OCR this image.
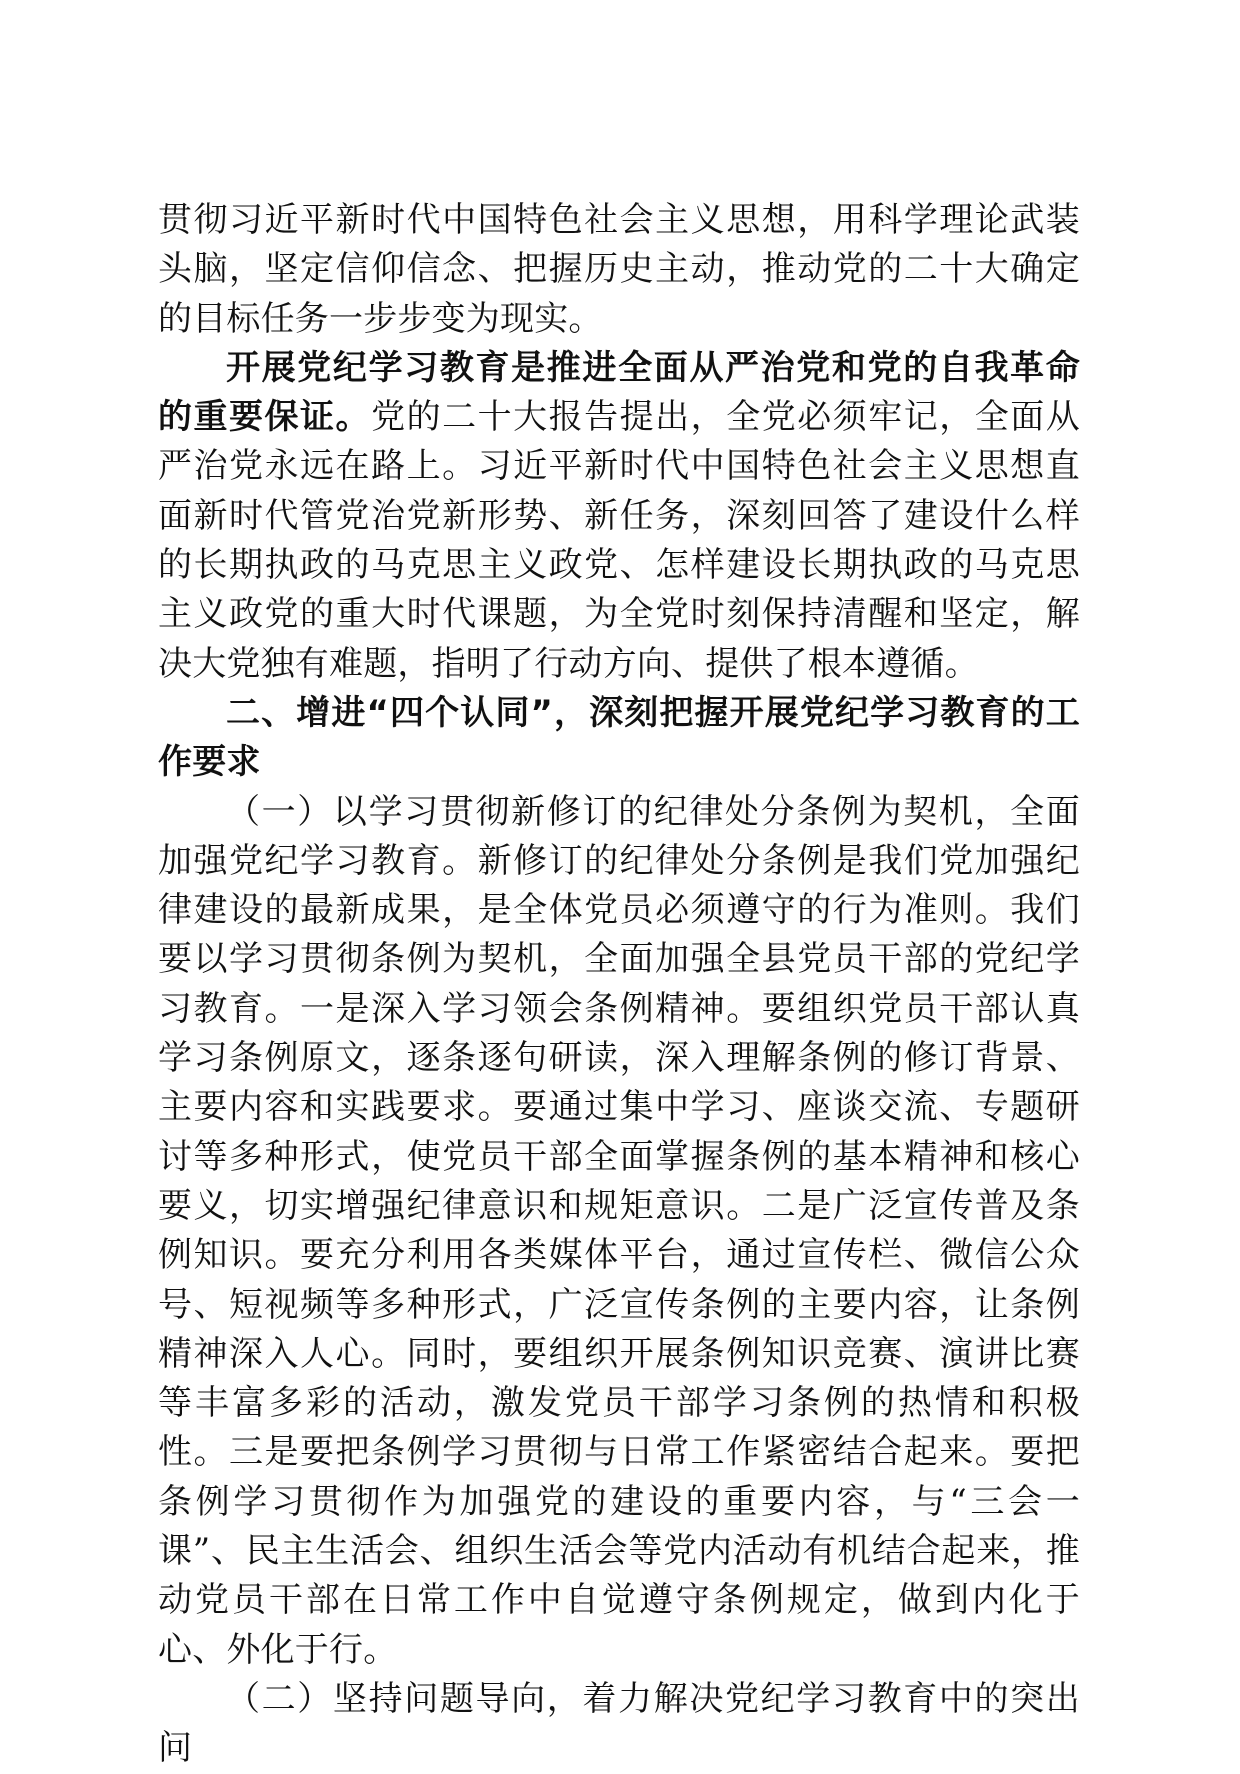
贯彻习近平新时代中国特色社会主义思想，用科学理论武装头脑，坚定信仰信念、把握历史主动，推动党的二十大确定的目标任务一步步变为现实。

开展党纪学习教育是推进全面从严治党和党的自我革命的重要保证。党的二十大报告提出，全党必须牢记，全面从严治党永远在路上。习近平新时代中国特色社会主义思想直面新时代管党治党新形势、新任务，深刻回答了建设什么样的长期执政的马克思主义政党、怎样建设长期执政的马克思主义政党的重大时代课题，为全党时刻保持清醒和坚定，解决大党独有难题，指明了行动方向、提供了根本遵循。

二、增进“四个认同”，深刻把握开展党纪学习教育的工作要求

（一）以学习贯彻新修订的纪律处分条例为契机，全面加强党纪学习教育。新修订的纪律处分条例是我们党加强纪律建设的最新成果，是全体党员必须遵守的行为准则。我们要以学习贯彻条例为契机，全面加强全县党员干部的党纪学习教育。一是深入学习领会条例精神。要组织党员干部认真学习条例原文，逐条逐句研读，深入理解条例的修订背景、主要内容和实践要求。要通过集中学习、座谈交流、专题研讨等多种形式，使党员干部全面掌握条例的基本精神和核心要义，切实增强纪律意识和规矩意识。二是广泛宣传普及条例知识。要充分利用各类媒体平台，通过宣传栏、微信公众号、短视频等多种形式，广泛宣传条例的主要内容，让条例精神深入人心。同时，要组织开展条例知识竞赛、演讲比赛等丰富多彩的活动，激发党员干部学习条例的热情和积极性。三是要把条例学习贯彻与日常工作紧密结合起来。要把条例学习贯彻作为加强党的建设的重要内容，与“三会一课”、民主生活会、组织生活会等党内活动有机结合起来，推动党员干部在日常工作中自觉遵守条例规定，做到内化于心、外化于行。

（二）坚持问题导向，着力解决党纪学习教育中的突出问
